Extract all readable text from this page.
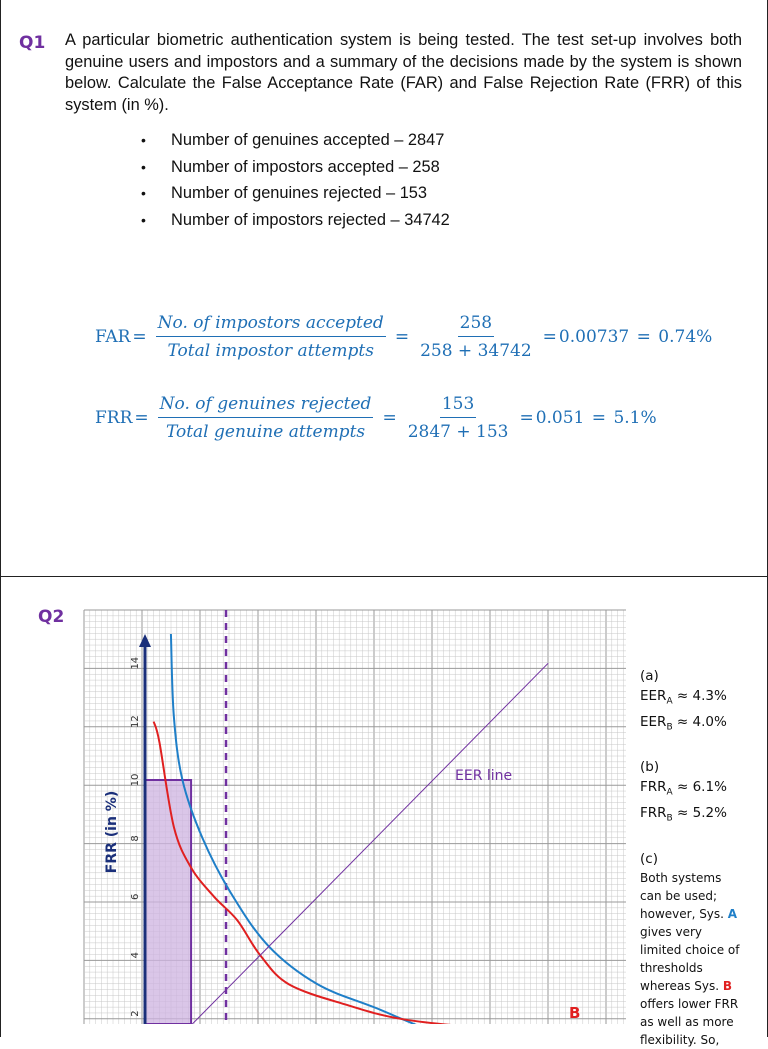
Q1 A particular biometric authentication system is being tested. The test set-up involves both genuine users and impostors and a summary of the decisions made by the system is shown below. Calculate the False Acceptance Rate (FAR) and False Rejection Rate (FRR) of this system (in %).
• Number of genuines accepted – 2847
• Number of impostors accepted – 258
• Number of genuines rejected – 153
• Number of impostors rejected – 34742
FAR = $\frac{\text{No. of impostors accepted}}{\text{Total impostor attempts}} = \frac{258}{258 + 34742} = 0.00737 = 0.74\%$
FRR = $\frac{\text{No. of genuines rejected}}{\text{Total genuine attempts}} = \frac{153}{2847 + 153} = 0.051 = 5.1\%$
Q2
2
4
6
8
10
12
14
FRR (in %)
EER line
B
(a)
$EER_A \approx 4.3\%$
$EER_B \approx 4.0\%$
(b)
$FRR_A \approx 6.1\%$
$FRR_B \approx 5.2\%$
(c)
Both systems
can be used;
however, Sys. A
gives very
limited choice of
thresholds
whereas Sys. B
offers lower FRR
as well as more
flexibility. So,
